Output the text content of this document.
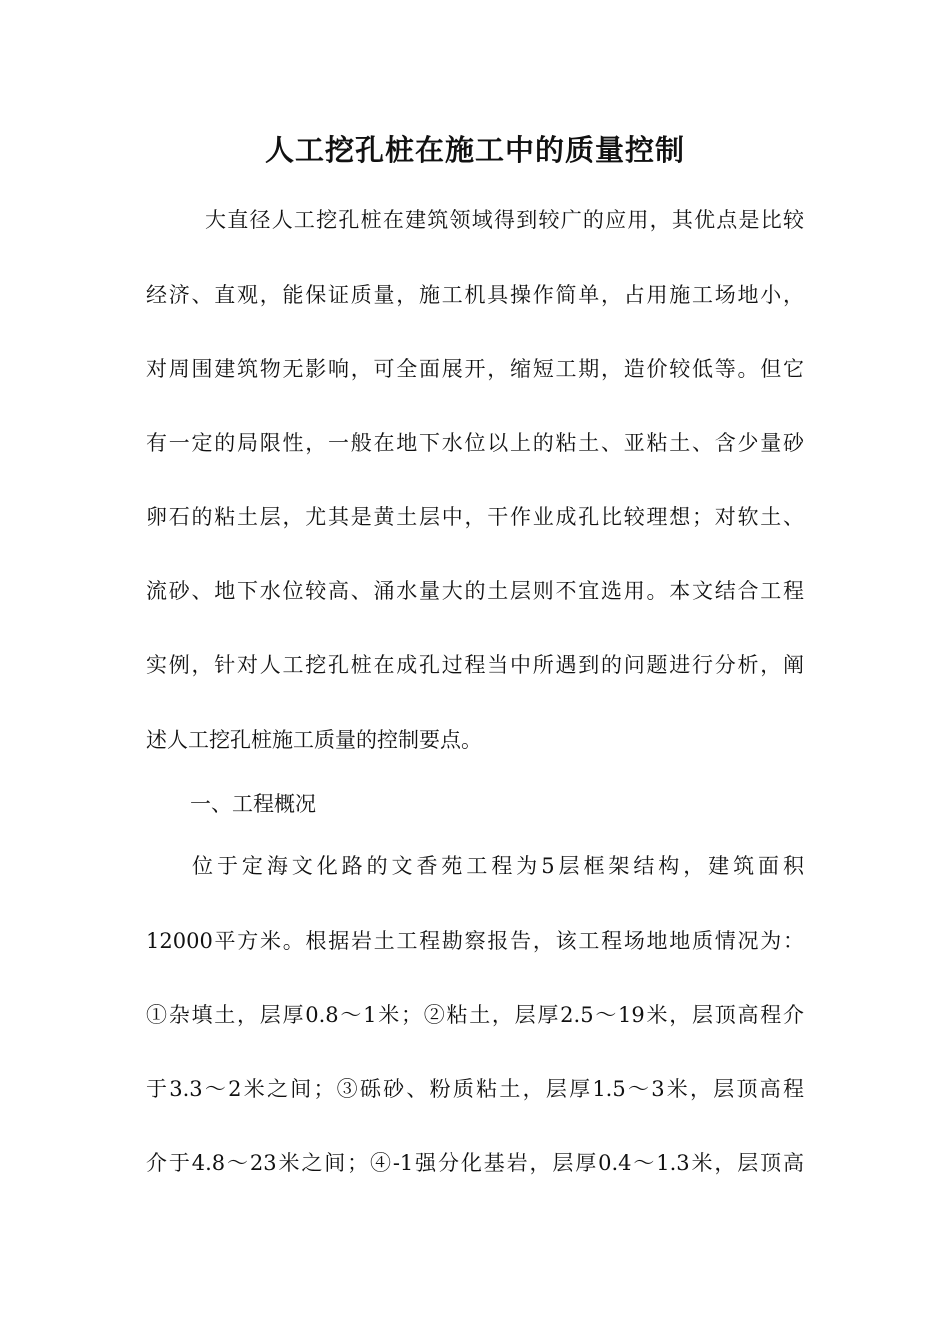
人工挖孔桩在施工中的质量控制
大直径人工挖孔桩在建筑领域得到较广的应用，其优点是比较
经济、直观，能保证质量，施工机具操作简单，占用施工场地小，
对周围建筑物无影响，可全面展开，缩短工期，造价较低等。但它
有一定的局限性，一般在地下水位以上的粘土、亚粘土、含少量砂
卵石的粘土层，尤其是黄土层中，干作业成孔比较理想；对软土、
流砂、地下水位较高、涌水量大的土层则不宜选用。本文结合工程
实例，针对人工挖孔桩在成孔过程当中所遇到的问题进行分析，阐
述人工挖孔桩施工质量的控制要点。
一、工程概况
位于定海文化路的文香苑工程为5层框架结构，建筑面积
12000平方米。根据岩土工程勘察报告，该工程场地地质情况为：
①杂填土，层厚0.8～1米；②粘土，层厚2.5～19米，层顶高程介
于3.3～2米之间；③砾砂、粉质粘土，层厚1.5～3米，层顶高程
介于4.8～23米之间；④-1强分化基岩，层厚0.4～1.3米，层顶高
